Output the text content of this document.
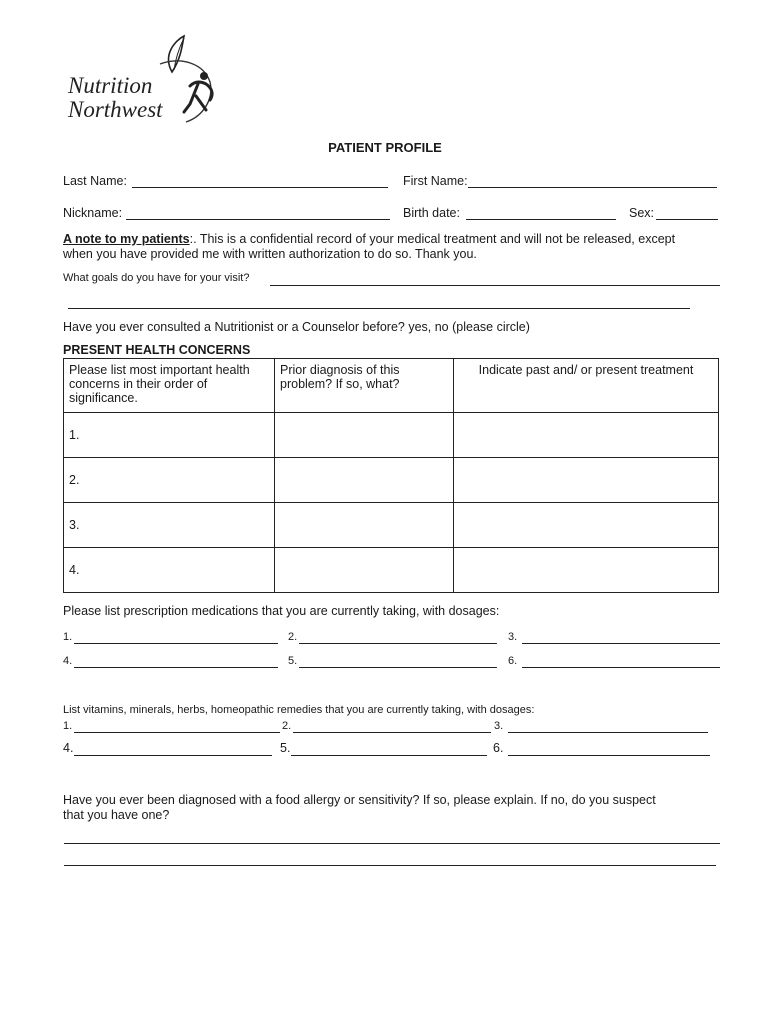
Nutrition
Northwest
PATIENT PROFILE
Last Name:	First Name:
Nickname:	Birth date:	Sex:
A note to my patients:. This is a confidential record of your medical treatment and will not be released, except
when you have provided me with written authorization to do so. Thank you.
What goals do you have for your visit?
Have you ever consulted a Nutritionist or a Counselor before? yes, no (please circle)
PRESENT HEALTH CONCERNS
Please list most important health concerns in their order of significance.	Prior diagnosis of this problem? If so, what?	Indicate past and/ or present treatment
1.		
2.		
3.		
4.		
Please list prescription medications that you are currently taking, with dosages:
1.	2.	3.
4.	5.	6.
List vitamins, minerals, herbs, homeopathic remedies that you are currently taking, with dosages:
1.	2.	3.
4.	5.	6.
Have you ever been diagnosed with a food allergy or sensitivity? If so, please explain. If no, do you suspect
that you have one?
